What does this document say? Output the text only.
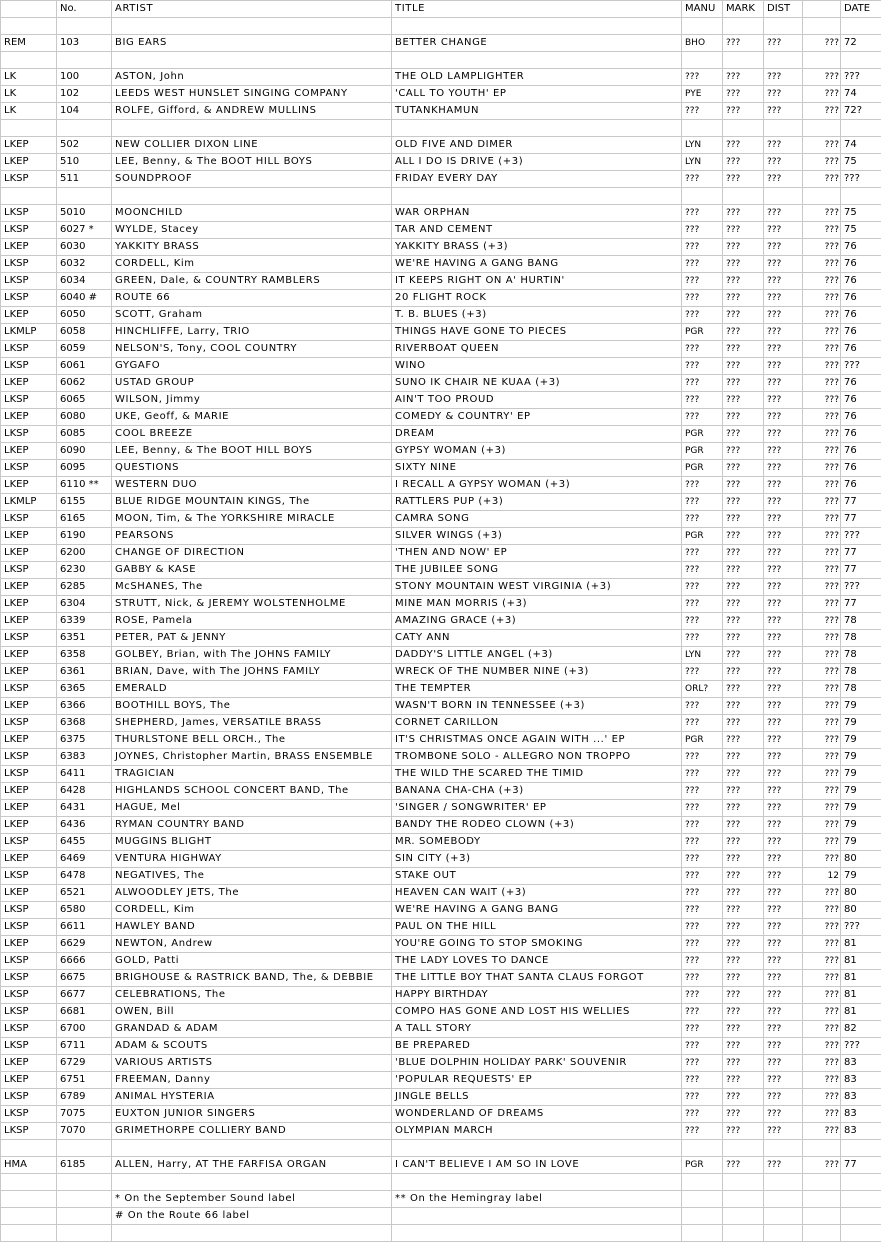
	No.	ARTIST	TITLE	MANU	MARK	DIST		DATE

REM	103	BIG EARS	BETTER CHANGE	BHO	???	???	???	72

LK	100	ASTON, John	THE OLD LAMPLIGHTER	???	???	???	???	???
LK	102	LEEDS WEST HUNSLET SINGING COMPANY	'CALL TO YOUTH' EP	PYE	???	???	???	74
LK	104	ROLFE, Gifford, & ANDREW MULLINS	TUTANKHAMUN	???	???	???	???	72?

LKEP	502	NEW COLLIER DIXON LINE	OLD FIVE AND DIMER	LYN	???	???	???	74
LKEP	510	LEE, Benny, & The BOOT HILL BOYS	ALL I DO IS DRIVE (+3)	LYN	???	???	???	75
LKSP	511	SOUNDPROOF	FRIDAY EVERY DAY	???	???	???	???	???

LKSP	5010	MOONCHILD	WAR ORPHAN	???	???	???	???	75
LKSP	6027 *	WYLDE, Stacey	TAR AND CEMENT	???	???	???	???	75
LKEP	6030	YAKKITY BRASS	YAKKITY BRASS (+3)	???	???	???	???	76
LKSP	6032	CORDELL, Kim	WE'RE HAVING A GANG BANG	???	???	???	???	76
LKSP	6034	GREEN, Dale, & COUNTRY RAMBLERS	IT KEEPS RIGHT ON A' HURTIN'	???	???	???	???	76
LKSP	6040 #	ROUTE 66	20 FLIGHT ROCK	???	???	???	???	76
LKEP	6050	SCOTT, Graham	T. B. BLUES (+3)	???	???	???	???	76
LKMLP	6058	HINCHLIFFE, Larry, TRIO	THINGS HAVE GONE TO PIECES	PGR	???	???	???	76
LKSP	6059	NELSON'S, Tony, COOL COUNTRY	RIVERBOAT QUEEN	???	???	???	???	76
LKSP	6061	GYGAFO	WINO	???	???	???	???	???
LKEP	6062	USTAD GROUP	SUNO IK CHAIR NE KUAA (+3)	???	???	???	???	76
LKSP	6065	WILSON, Jimmy	AIN'T TOO PROUD	???	???	???	???	76
LKEP	6080	UKE, Geoff, & MARIE	COMEDY & COUNTRY' EP	???	???	???	???	76
LKSP	6085	COOL BREEZE	DREAM	PGR	???	???	???	76
LKEP	6090	LEE, Benny, & The BOOT HILL BOYS	GYPSY WOMAN (+3)	PGR	???	???	???	76
LKSP	6095	QUESTIONS	SIXTY NINE	PGR	???	???	???	76
LKEP	6110 **	WESTERN DUO	I RECALL A GYPSY WOMAN (+3)	???	???	???	???	76
LKMLP	6155	BLUE RIDGE MOUNTAIN KINGS, The	RATTLERS PUP (+3)	???	???	???	???	77
LKSP	6165	MOON, Tim, & The YORKSHIRE MIRACLE	CAMRA SONG	???	???	???	???	77
LKEP	6190	PEARSONS	SILVER WINGS (+3)	PGR	???	???	???	???
LKEP	6200	CHANGE OF DIRECTION	'THEN AND NOW' EP	???	???	???	???	77
LKSP	6230	GABBY & KASE	THE JUBILEE SONG	???	???	???	???	77
LKEP	6285	McSHANES, The	STONY MOUNTAIN WEST VIRGINIA (+3)	???	???	???	???	???
LKEP	6304	STRUTT, Nick, & JEREMY WOLSTENHOLME	MINE MAN MORRIS (+3)	???	???	???	???	77
LKEP	6339	ROSE, Pamela	AMAZING GRACE (+3)	???	???	???	???	78
LKSP	6351	PETER, PAT & JENNY	CATY ANN	???	???	???	???	78
LKEP	6358	GOLBEY, Brian, with The JOHNS FAMILY	DADDY'S LITTLE ANGEL (+3)	LYN	???	???	???	78
LKEP	6361	BRIAN, Dave, with The JOHNS FAMILY	WRECK OF THE NUMBER NINE (+3)	???	???	???	???	78
LKSP	6365	EMERALD	THE TEMPTER	ORL?	???	???	???	78
LKEP	6366	BOOTHILL BOYS, The	WASN'T BORN IN TENNESSEE (+3)	???	???	???	???	79
LKSP	6368	SHEPHERD, James, VERSATILE BRASS	CORNET CARILLON	???	???	???	???	79
LKEP	6375	THURLSTONE BELL ORCH., The	IT'S CHRISTMAS ONCE AGAIN WITH ...' EP	PGR	???	???	???	79
LKSP	6383	JOYNES, Christopher Martin, BRASS ENSEMBLE	TROMBONE SOLO - ALLEGRO NON TROPPO	???	???	???	???	79
LKSP	6411	TRAGICIAN	THE WILD THE SCARED THE TIMID	???	???	???	???	79
LKEP	6428	HIGHLANDS SCHOOL CONCERT BAND, The	BANANA CHA-CHA (+3)	???	???	???	???	79
LKEP	6431	HAGUE, Mel	'SINGER / SONGWRITER' EP	???	???	???	???	79
LKEP	6436	RYMAN COUNTRY BAND	BANDY THE RODEO CLOWN (+3)	???	???	???	???	79
LKSP	6455	MUGGINS BLIGHT	MR. SOMEBODY	???	???	???	???	79
LKEP	6469	VENTURA HIGHWAY	SIN CITY (+3)	???	???	???	???	80
LKSP	6478	NEGATIVES, The	STAKE OUT	???	???	???	12	79
LKEP	6521	ALWOODLEY JETS, The	HEAVEN CAN WAIT (+3)	???	???	???	???	80
LKSP	6580	CORDELL, Kim	WE'RE HAVING A GANG BANG	???	???	???	???	80
LKSP	6611	HAWLEY BAND	PAUL ON THE HILL	???	???	???	???	???
LKEP	6629	NEWTON, Andrew	YOU'RE GOING TO STOP SMOKING	???	???	???	???	81
LKSP	6666	GOLD, Patti	THE LADY LOVES TO DANCE	???	???	???	???	81
LKSP	6675	BRIGHOUSE & RASTRICK BAND, The, & DEBBIE	THE LITTLE BOY THAT SANTA CLAUS FORGOT	???	???	???	???	81
LKSP	6677	CELEBRATIONS, The	HAPPY BIRTHDAY	???	???	???	???	81
LKSP	6681	OWEN, Bill	COMPO HAS GONE AND LOST HIS WELLIES	???	???	???	???	81
LKSP	6700	GRANDAD & ADAM	A TALL STORY	???	???	???	???	82
LKSP	6711	ADAM & SCOUTS	BE PREPARED	???	???	???	???	???
LKEP	6729	VARIOUS ARTISTS	'BLUE DOLPHIN HOLIDAY PARK' SOUVENIR	???	???	???	???	83
LKEP	6751	FREEMAN, Danny	'POPULAR REQUESTS' EP	???	???	???	???	83
LKSP	6789	ANIMAL HYSTERIA	JINGLE BELLS	???	???	???	???	83
LKSP	7075	EUXTON JUNIOR SINGERS	WONDERLAND OF DREAMS	???	???	???	???	83
LKSP	7070	GRIMETHORPE COLLIERY BAND	OLYMPIAN MARCH	???	???	???	???	83

HMA	6185	ALLEN, Harry, AT THE FARFISA ORGAN	I CAN'T BELIEVE I AM SO IN LOVE	PGR	???	???	???	77

		* On the September Sound label	** On the Hemingray label					
		# On the Route 66 label						
